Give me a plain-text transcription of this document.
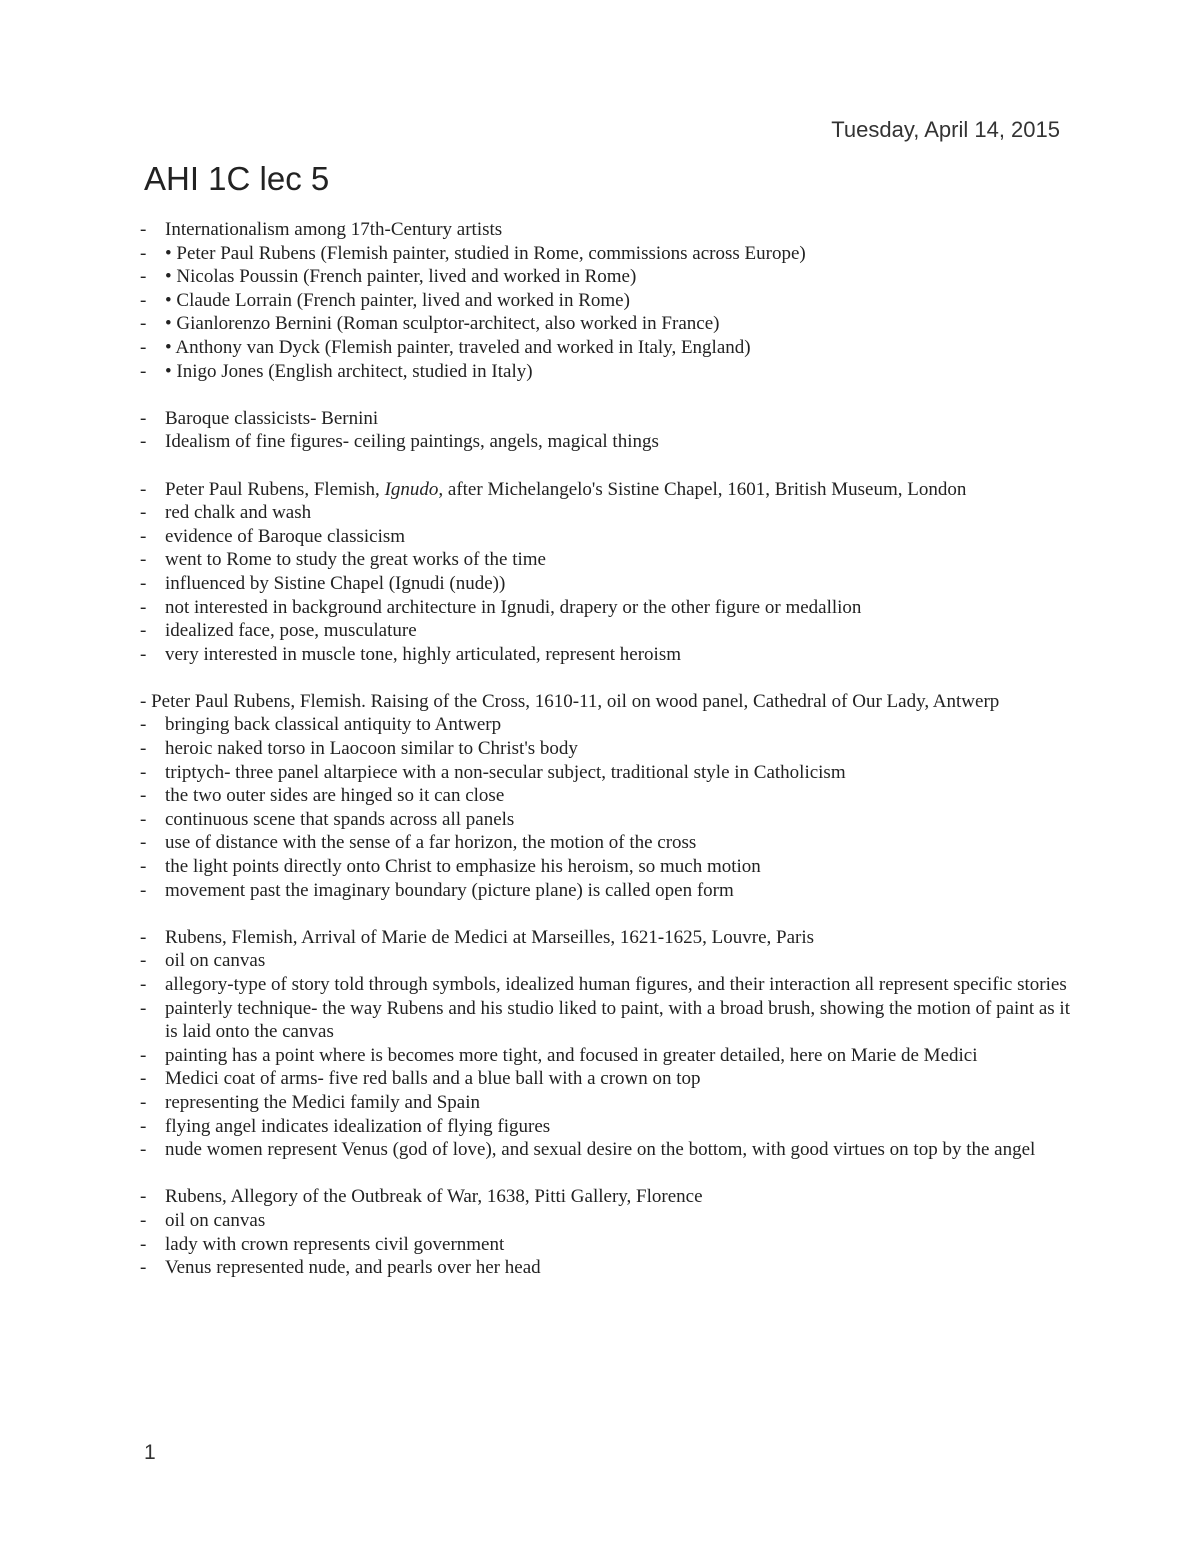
Tuesday, April 14, 2015
AHI 1C lec 5
- Internationalism among 17th-Century artists
- • Peter Paul Rubens (Flemish painter, studied in Rome, commissions across Europe)
- • Nicolas Poussin (French painter, lived and worked in Rome)
- • Claude Lorrain (French painter, lived and worked in Rome)
- • Gianlorenzo Bernini (Roman sculptor-architect, also worked in France)
- • Anthony van Dyck (Flemish painter, traveled and worked in Italy, England)
- • Inigo Jones (English architect, studied in Italy)
- Baroque classicists- Bernini
- Idealism of fine figures- ceiling paintings, angels, magical things
- Peter Paul Rubens, Flemish, Ignudo, after Michelangelo's Sistine Chapel, 1601, British Museum, London
- red chalk and wash
- evidence of Baroque classicism
- went to Rome to study the great works of the time
- influenced by Sistine Chapel (Ignudi (nude))
- not interested in background architecture in Ignudi, drapery or the other figure or medallion
- idealized face, pose, musculature
- very interested in muscle tone, highly articulated, represent heroism
- Peter Paul Rubens, Flemish. Raising of the Cross, 1610-11, oil on wood panel, Cathedral of Our Lady, Antwerp
- bringing back classical antiquity to Antwerp
- heroic naked torso in Laocoon similar to Christ's body
- triptych- three panel altarpiece with a non-secular subject, traditional style in Catholicism
- the two outer sides are hinged so it can close
- continuous scene that spands across all panels
- use of distance with the sense of a far horizon, the motion of the cross
- the light points directly onto Christ to emphasize his heroism, so much motion
- movement past the imaginary boundary (picture plane) is called open form
- Rubens, Flemish, Arrival of Marie de Medici at Marseilles, 1621-1625, Louvre, Paris
- oil on canvas
- allegory-type of story told through symbols, idealized human figures, and their interaction all represent specific stories
- painterly technique- the way Rubens and his studio liked to paint, with a broad brush, showing the motion of paint as it is laid onto the canvas
- painting has a point where is becomes more tight, and focused in greater detailed, here on Marie de Medici
- Medici coat of arms- five red balls and a blue ball with a crown on top
- representing the Medici family and Spain
- flying angel indicates idealization of flying figures
- nude women represent Venus (god of love), and sexual desire on the bottom, with good virtues on top by the angel
- Rubens, Allegory of the Outbreak of War, 1638, Pitti Gallery, Florence
- oil on canvas
- lady with crown represents civil government
- Venus represented nude, and pearls over her head
1
